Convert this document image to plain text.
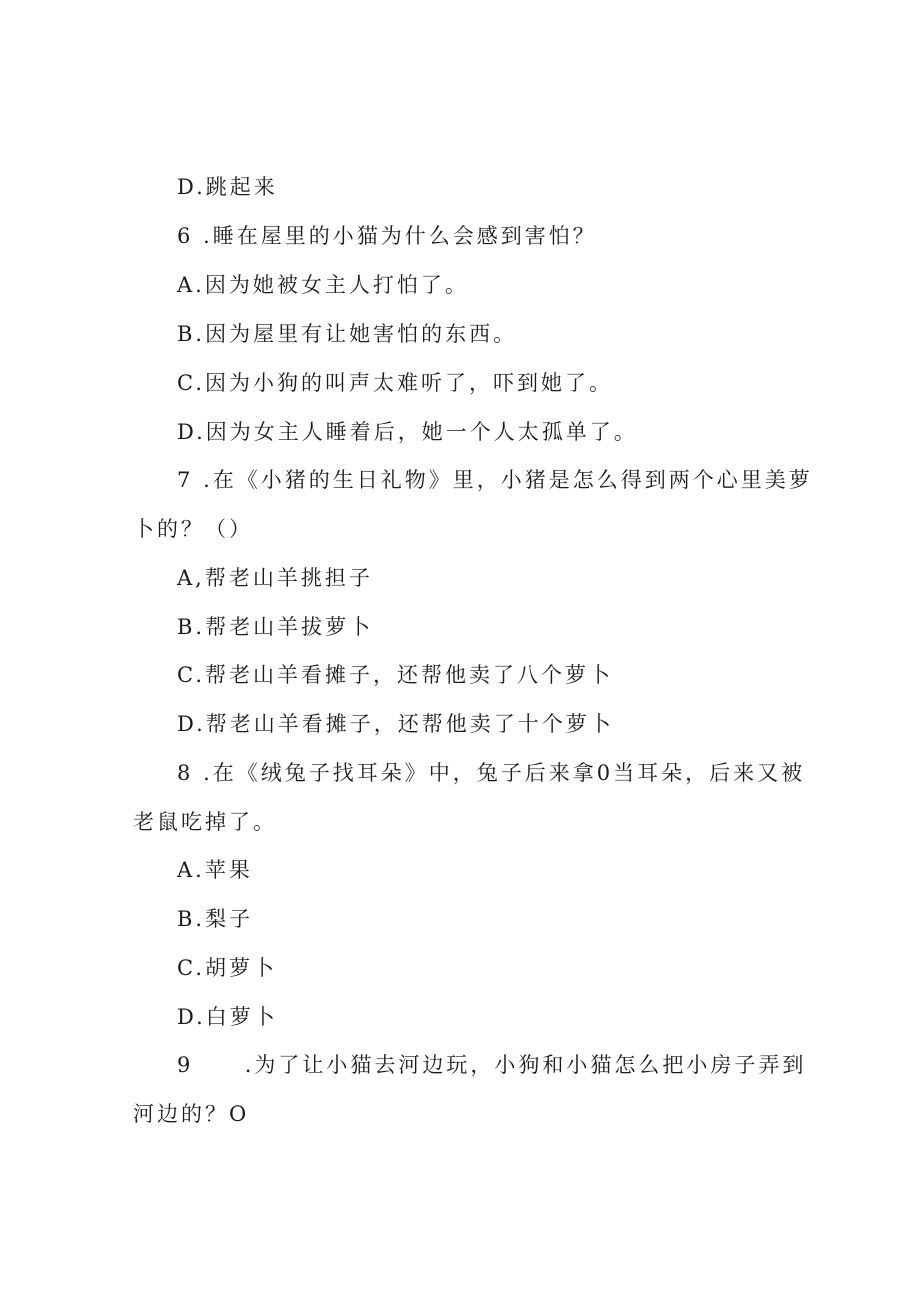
D.跳起来
6 .睡在屋里的小猫为什么会感到害怕？
A.因为她被女主人打怕了。
B.因为屋里有让她害怕的东西。
C.因为小狗的叫声太难听了，吓到她了。
D.因为女主人睡着后，她一个人太孤单了。
7 .在《小猪的生日礼物》里，小猪是怎么得到两个心里美萝
卜的？（）
A,帮老山羊挑担子
B.帮老山羊拔萝卜
C.帮老山羊看摊子，还帮他卖了八个萝卜
D.帮老山羊看摊子，还帮他卖了十个萝卜
8 .在《绒兔子找耳朵》中，兔子后来拿0当耳朵，后来又被
老鼠吃掉了。
A.苹果
B.梨子
C.胡萝卜
D.白萝卜
9 .为了让小猫去河边玩，小狗和小猫怎么把小房子弄到
河边的？O
